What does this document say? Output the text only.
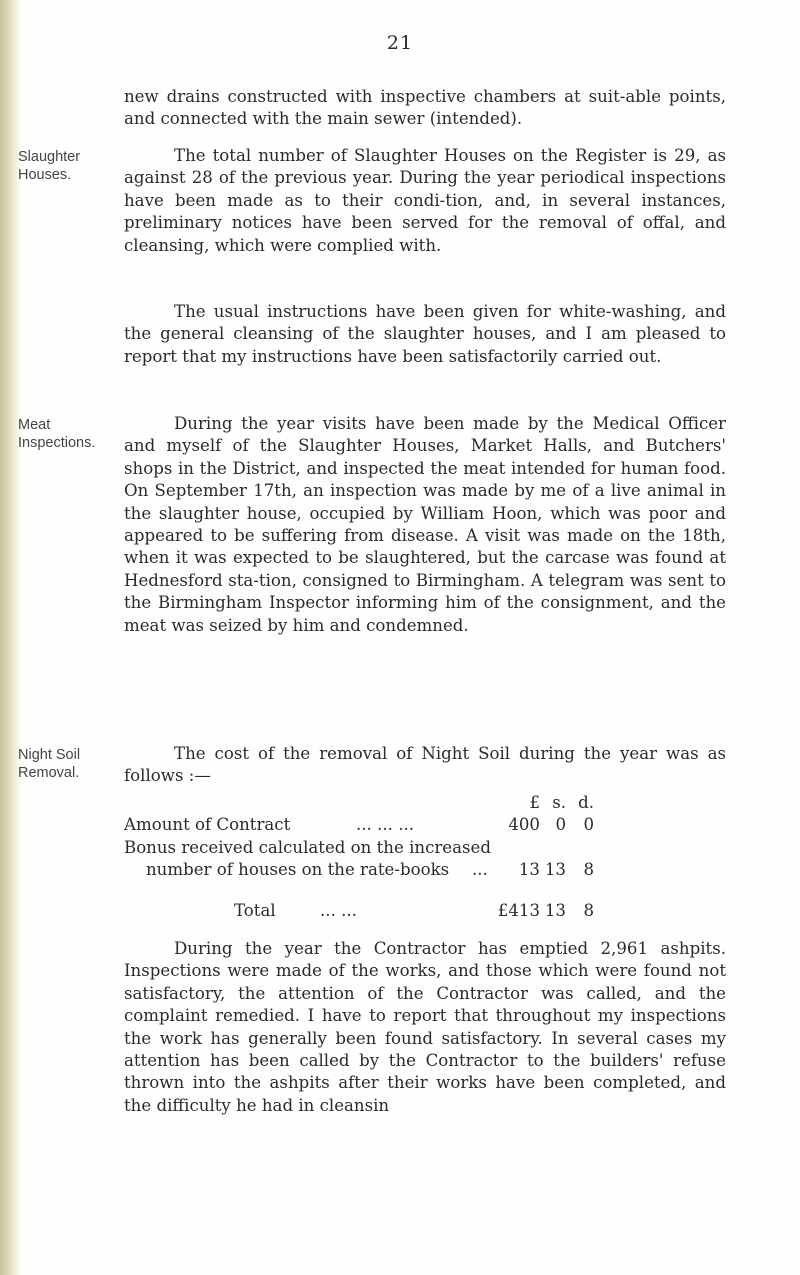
21
new drains constructed with inspective chambers at suit-able points, and connected with the main sewer (intended).
Slaughter
Houses.
The total number of Slaughter Houses on the Register is 29, as against 28 of the previous year. During the year periodical inspections have been made as to their condi-tion, and, in several instances, preliminary notices have been served for the removal of offal, and cleansing, which were complied with.
The usual instructions have been given for white-washing, and the general cleansing of the slaughter houses, and I am pleased to report that my instructions have been satisfactorily carried out.
Meat
Inspections.
During the year visits have been made by the Medical Officer and myself of the Slaughter Houses, Market Halls, and Butchers' shops in the District, and inspected the meat intended for human food. On September 17th, an inspection was made by me of a live animal in the slaughter house, occupied by William Hoon, which was poor and appeared to be suffering from disease. A visit was made on the 18th, when it was expected to be slaughtered, but the carcase was found at Hednesford sta-tion, consigned to Birmingham. A telegram was sent to the Birmingham Inspector informing him of the consignment, and the meat was seized by him and condemned.
Night Soil
Removal.
The cost of the removal of Night Soil during the year was as follows :—
£ s. d.
Amount of Contract	... ... ...	400 0 0
Bonus received calculated on the increased
number of houses on the rate-books ...	13 13 8
Total	... ...	£413 13 8
During the year the Contractor has emptied 2,961 ashpits. Inspections were made of the works, and those which were found not satisfactory, the attention of the Contractor was called, and the complaint remedied. I have to report that throughout my inspections the work has generally been found satisfactory. In several cases my attention has been called by the Contractor to the builders' refuse thrown into the ashpits after their works have been completed, and the difficulty he had in cleansin
